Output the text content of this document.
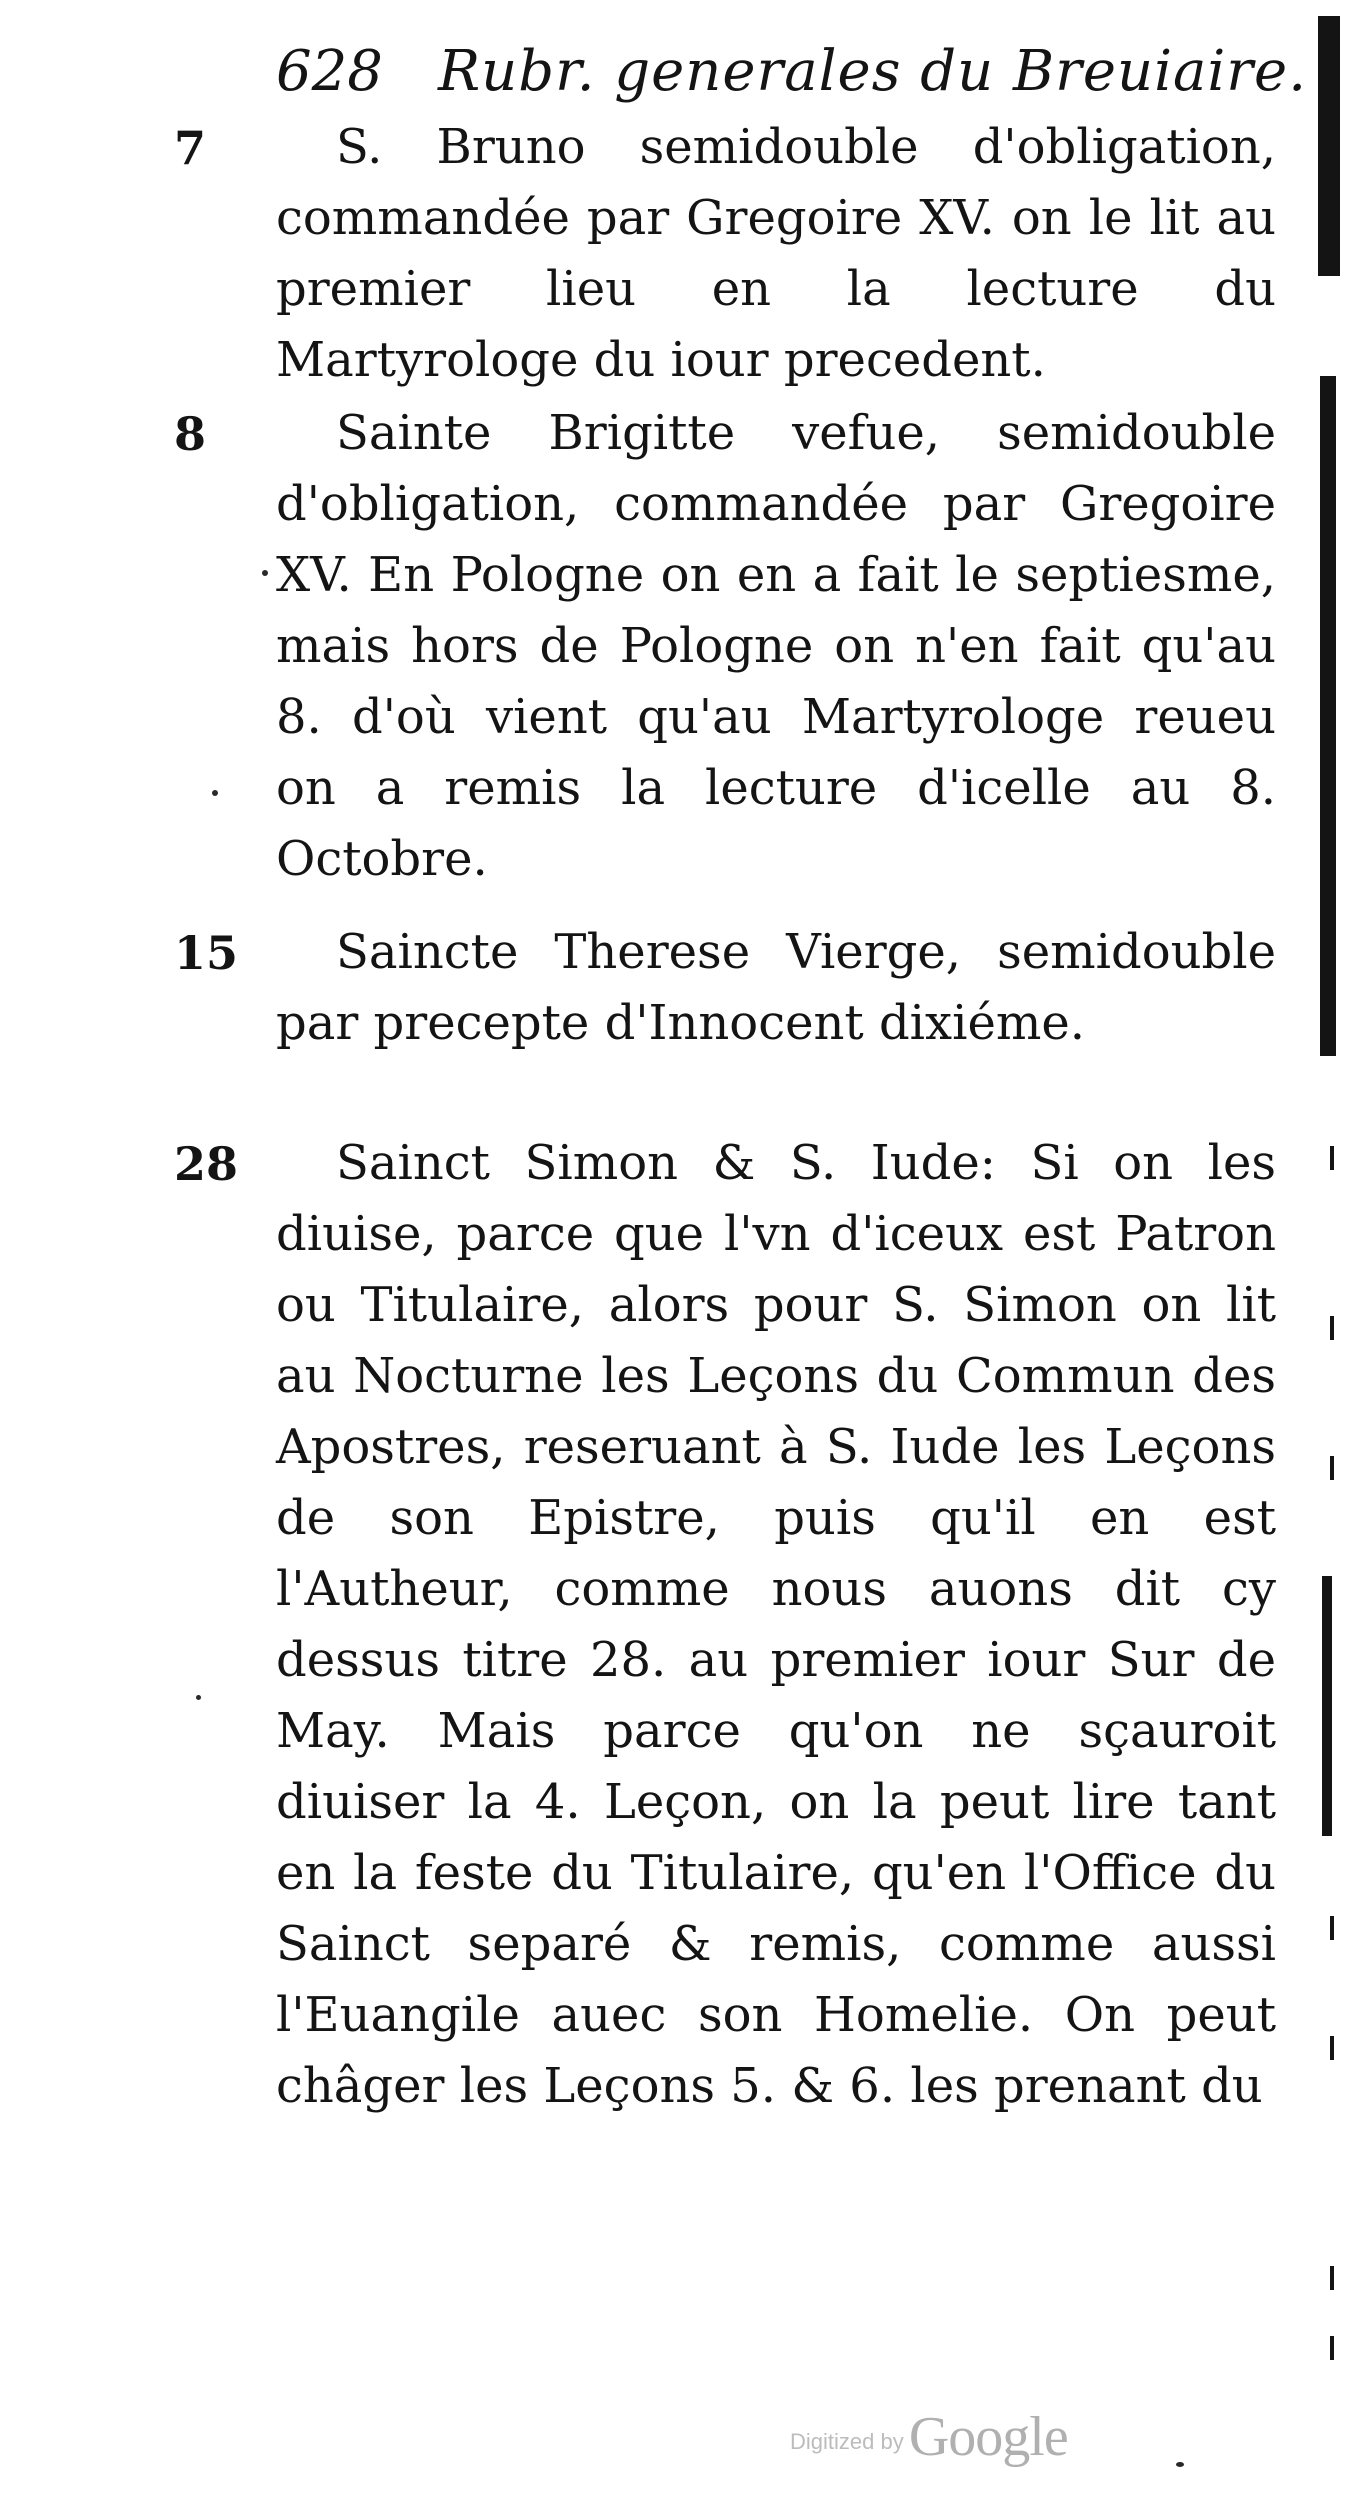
628 Rubr. generales du Breuiaire.
7	S. Bruno semidouble d'obligation, commandée par Gregoire XV. on le lit au premier lieu en la lecture du Martyrologe du iour precedent.

8	Sainte Brigitte vefue, semidouble d'obligation, commandée par Gregoire XV. En Pologne on en a fait le septiesme, mais hors de Pologne on n'en fait qu'au 8. d'où vient qu'au Martyrologe reueu on a remis la lecture d'icelle au 8. Octobre.

15	Saincte Therese Vierge, semidouble par precepte d'Innocent dixiéme.

28	Sainct Simon & S. Iude: Si on les diuise, parce que l'vn d'iceux est Patron ou Titulaire, alors pour S. Simon on lit au Nocturne les Leçons du Commun des Apostres, reseruant à S. Iude les Leçons de son Epistre, puis qu'il en est l'Autheur, comme nous auons dit cy dessus titre 28. au premier iour Sur de May. Mais parce qu'on ne sçauroit diuiser la 4. Leçon, on la peut lire tant en la feste du Titulaire, qu'en l'Office du Sainct separé & remis, comme aussi l'Euangile auec son Homelie. On peut châger les Leçons 5. & 6. les prenant du

Digitized by Google
